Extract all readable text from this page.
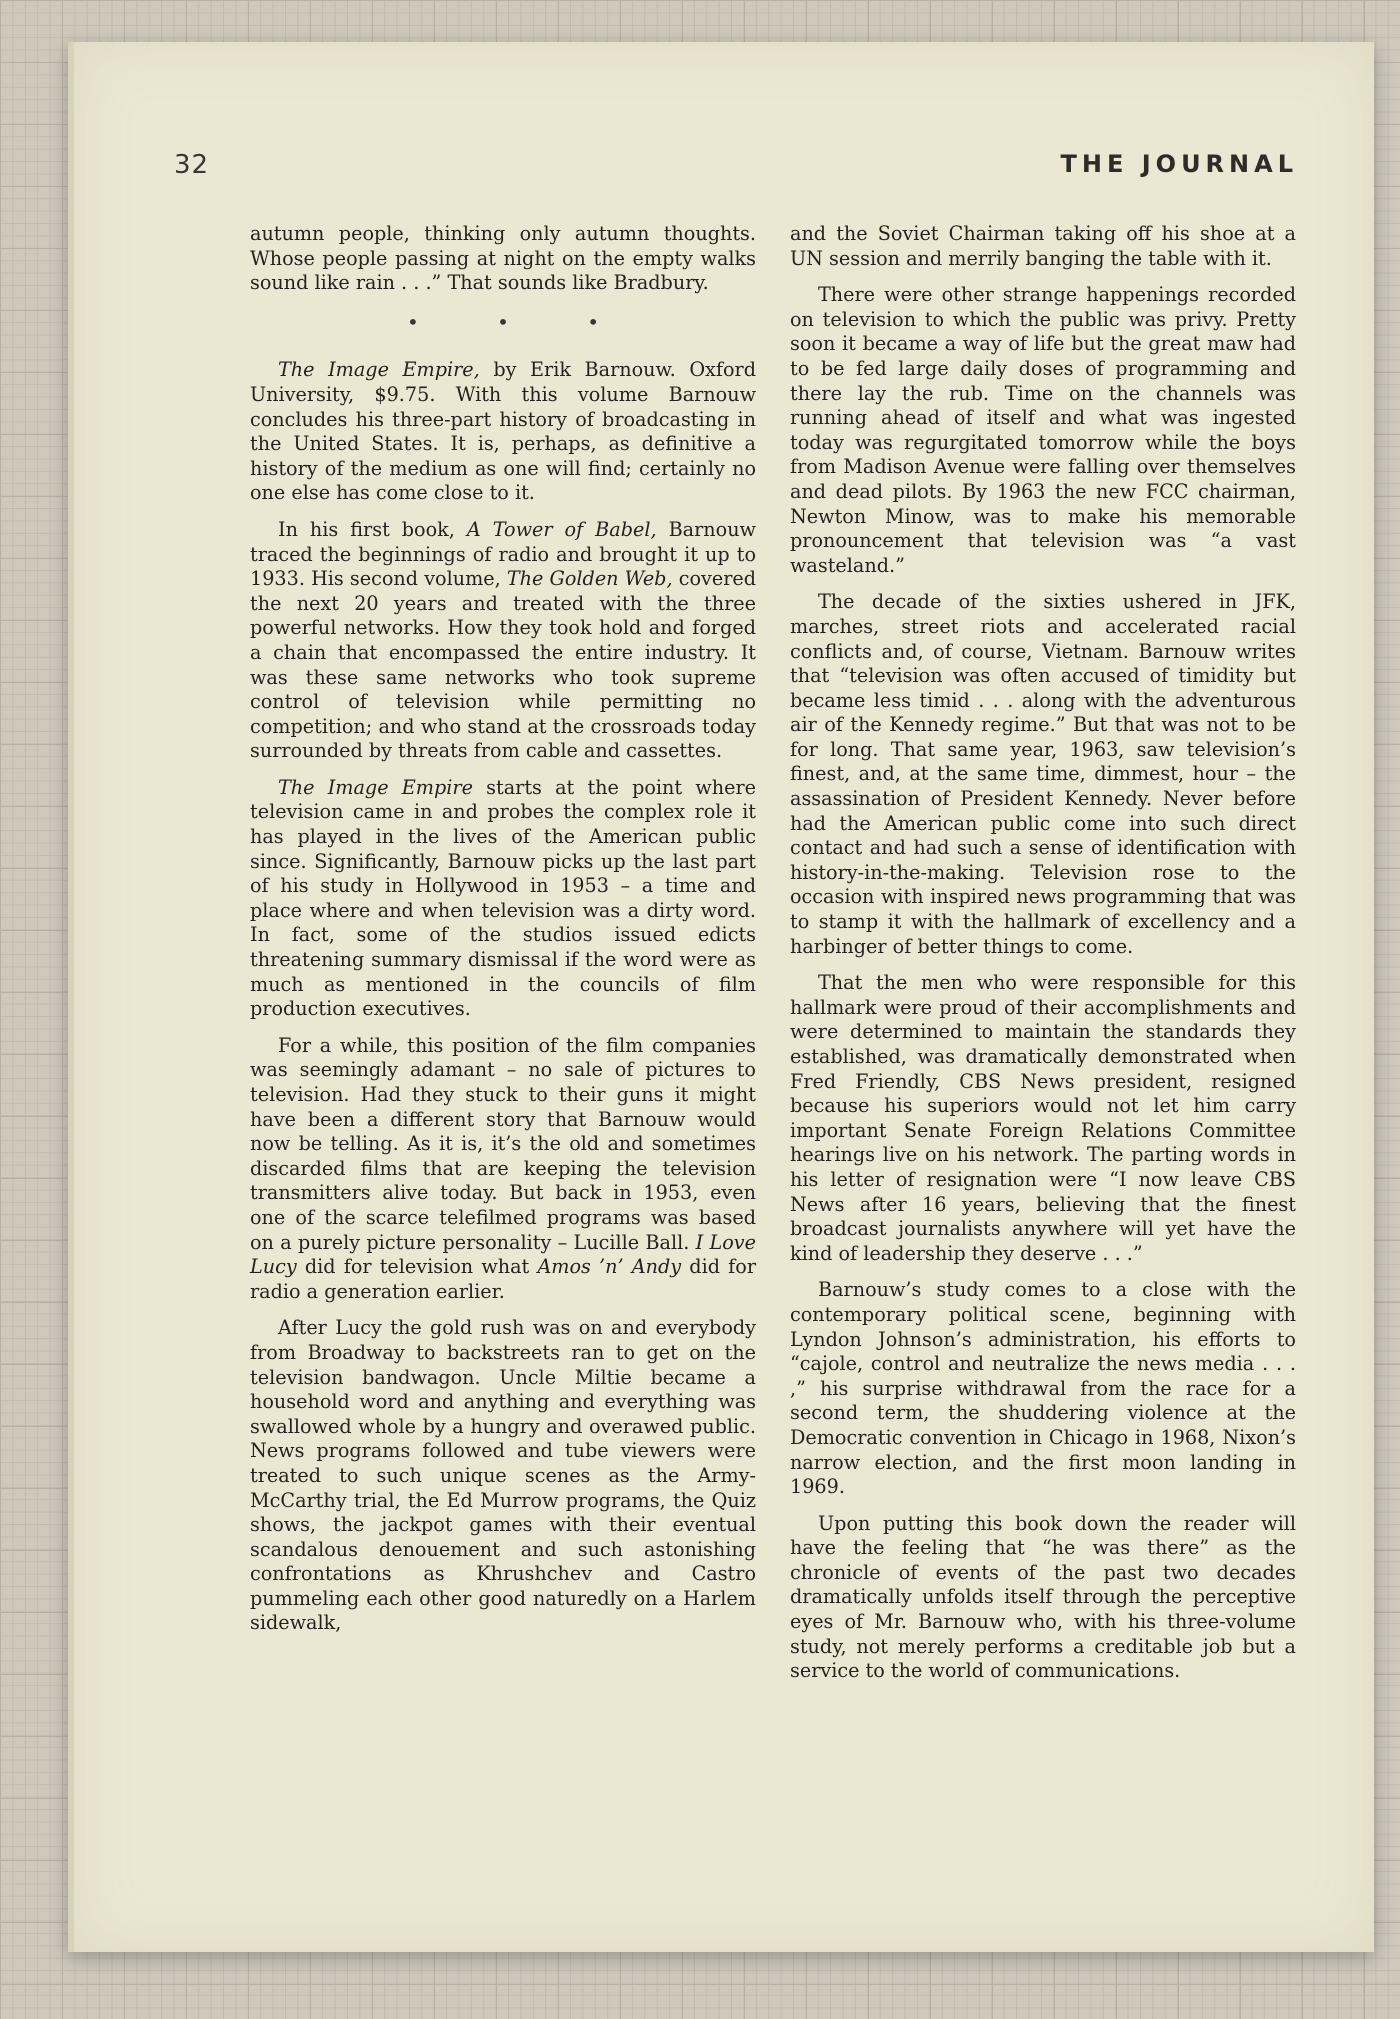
32	THE JOURNAL

autumn people, thinking only autumn thoughts. Whose people passing at night on the empty walks sound like rain . . .” That sounds like Bradbury.

• • •

The Image Empire, by Erik Barnouw. Oxford University, $9.75. With this volume Barnouw concludes his three-part history of broadcasting in the United States. It is, perhaps, as definitive a history of the medium as one will find; certainly no one else has come close to it.

In his first book, A Tower of Babel, Barnouw traced the beginnings of radio and brought it up to 1933. His second volume, The Golden Web, covered the next 20 years and treated with the three powerful networks. How they took hold and forged a chain that encompassed the entire industry. It was these same networks who took supreme control of television while permitting no competition; and who stand at the crossroads today surrounded by threats from cable and cassettes.

The Image Empire starts at the point where television came in and probes the complex role it has played in the lives of the American public since. Significantly, Barnouw picks up the last part of his study in Hollywood in 1953 – a time and place where and when television was a dirty word. In fact, some of the studios issued edicts threatening summary dismissal if the word were as much as mentioned in the councils of film production executives.

For a while, this position of the film companies was seemingly adamant – no sale of pictures to television. Had they stuck to their guns it might have been a different story that Barnouw would now be telling. As it is, it’s the old and sometimes discarded films that are keeping the television transmitters alive today. But back in 1953, even one of the scarce telefilmed programs was based on a purely picture personality – Lucille Ball. I Love Lucy did for television what Amos ’n’ Andy did for radio a generation earlier.

After Lucy the gold rush was on and everybody from Broadway to backstreets ran to get on the television bandwagon. Uncle Miltie became a household word and anything and everything was swallowed whole by a hungry and overawed public. News programs followed and tube viewers were treated to such unique scenes as the Army-McCarthy trial, the Ed Murrow programs, the Quiz shows, the jackpot games with their eventual scandalous denouement and such astonishing confrontations as Khrushchev and Castro pummeling each other good naturedly on a Harlem sidewalk,

and the Soviet Chairman taking off his shoe at a UN session and merrily banging the table with it.

There were other strange happenings recorded on television to which the public was privy. Pretty soon it became a way of life but the great maw had to be fed large daily doses of programming and there lay the rub. Time on the channels was running ahead of itself and what was ingested today was regurgitated tomorrow while the boys from Madison Avenue were falling over themselves and dead pilots. By 1963 the new FCC chairman, Newton Minow, was to make his memorable pronouncement that television was “a vast wasteland.”

The decade of the sixties ushered in JFK, marches, street riots and accelerated racial conflicts and, of course, Vietnam. Barnouw writes that “television was often accused of timidity but became less timid . . . along with the adventurous air of the Kennedy regime.” But that was not to be for long. That same year, 1963, saw television’s finest, and, at the same time, dimmest, hour – the assassination of President Kennedy. Never before had the American public come into such direct contact and had such a sense of identification with history-in-the-making. Television rose to the occasion with inspired news programming that was to stamp it with the hallmark of excellency and a harbinger of better things to come.

That the men who were responsible for this hallmark were proud of their accomplishments and were determined to maintain the standards they established, was dramatically demonstrated when Fred Friendly, CBS News president, resigned because his superiors would not let him carry important Senate Foreign Relations Committee hearings live on his network. The parting words in his letter of resignation were “I now leave CBS News after 16 years, believing that the finest broadcast journalists anywhere will yet have the kind of leadership they deserve . . .”

Barnouw’s study comes to a close with the contemporary political scene, beginning with Lyndon Johnson’s administration, his efforts to “cajole, control and neutralize the news media . . . ,” his surprise withdrawal from the race for a second term, the shuddering violence at the Democratic convention in Chicago in 1968, Nixon’s narrow election, and the first moon landing in 1969.

Upon putting this book down the reader will have the feeling that “he was there” as the chronicle of events of the past two decades dramatically unfolds itself through the perceptive eyes of Mr. Barnouw who, with his three-volume study, not merely performs a creditable job but a service to the world of communications.
